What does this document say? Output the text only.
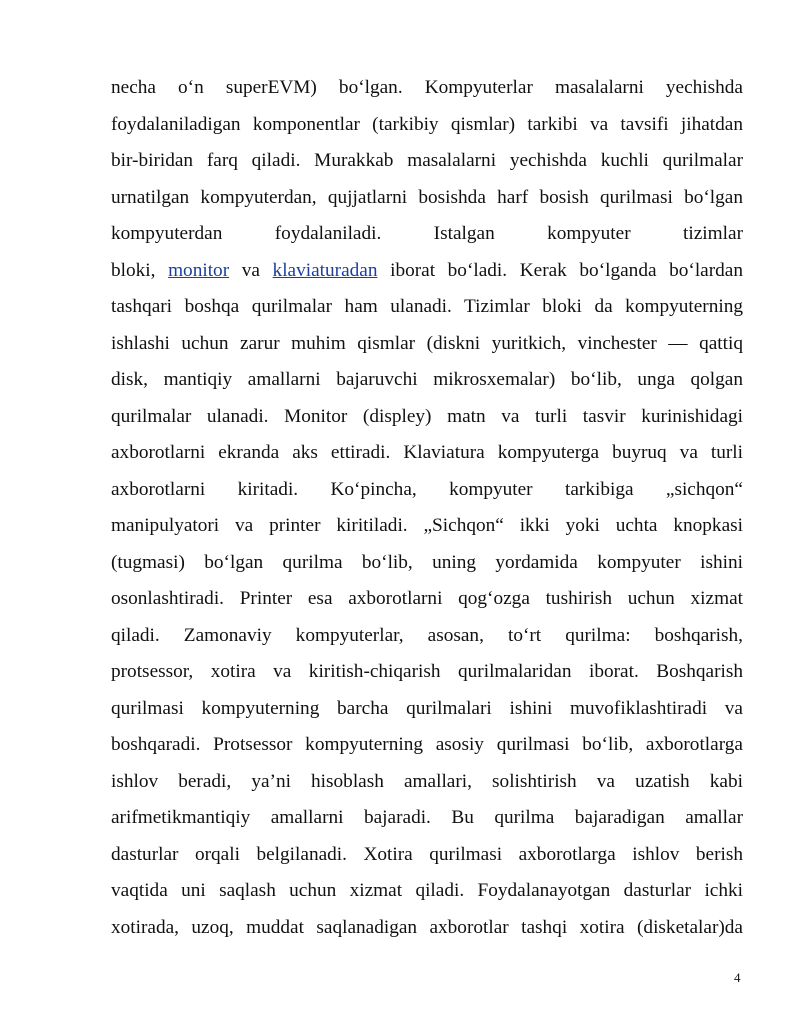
necha o‘n superEVM) bo‘lgan. Kompyuterlar masalalarni yechishda
foydalaniladigan komponentlar (tarkibiy qismlar) tarkibi va tavsifi jihatdan
bir-biridan farq qiladi. Murakkab masalalarni yechishda kuchli qurilmalar
urnatilgan kompyuterdan, qujjatlarni bosishda harf bosish qurilmasi bo‘lgan
kompyuterdan foydalaniladi. Istalgan kompyuter tizimlar
bloki, monitor va klaviaturadan iborat bo‘ladi. Kerak bo‘lganda bo‘lardan
tashqari boshqa qurilmalar ham ulanadi. Tizimlar bloki da kompyuterning
ishlashi uchun zarur muhim qismlar (diskni yuritkich, vinchester — qattiq
disk, mantiqiy amallarni bajaruvchi mikrosxemalar) bo‘lib, unga qolgan
qurilmalar ulanadi. Monitor (displey) matn va turli tasvir kurinishidagi
axborotlarni ekranda aks ettiradi. Klaviatura kompyuterga buyruq va turli
axborotlarni kiritadi. Ko‘pincha, kompyuter tarkibiga „sichqon“
manipulyatori va printer kiritiladi. „Sichqon“ ikki yoki uchta knopkasi
(tugmasi) bo‘lgan qurilma bo‘lib, uning yordamida kompyuter ishini
osonlashtiradi. Printer esa axborotlarni qog‘ozga tushirish uchun xizmat
qiladi. Zamonaviy kompyuterlar, asosan, to‘rt qurilma: boshqarish,
protsessor, xotira va kiritish-chiqarish qurilmalaridan iborat. Boshqarish
qurilmasi kompyuterning barcha qurilmalari ishini muvofiklashtiradi va
boshqaradi. Protsessor kompyuterning asosiy qurilmasi bo‘lib, axborotlarga
ishlov beradi, ya’ni hisoblash amallari, solishtirish va uzatish kabi
arifmetikmantiqiy amallarni bajaradi. Bu qurilma bajaradigan amallar
dasturlar orqali belgilanadi. Xotira qurilmasi axborotlarga ishlov berish
vaqtida uni saqlash uchun xizmat qiladi. Foydalanayotgan dasturlar ichki
xotirada, uzoq, muddat saqlanadigan axborotlar tashqi xotira (disketalar)da
4
